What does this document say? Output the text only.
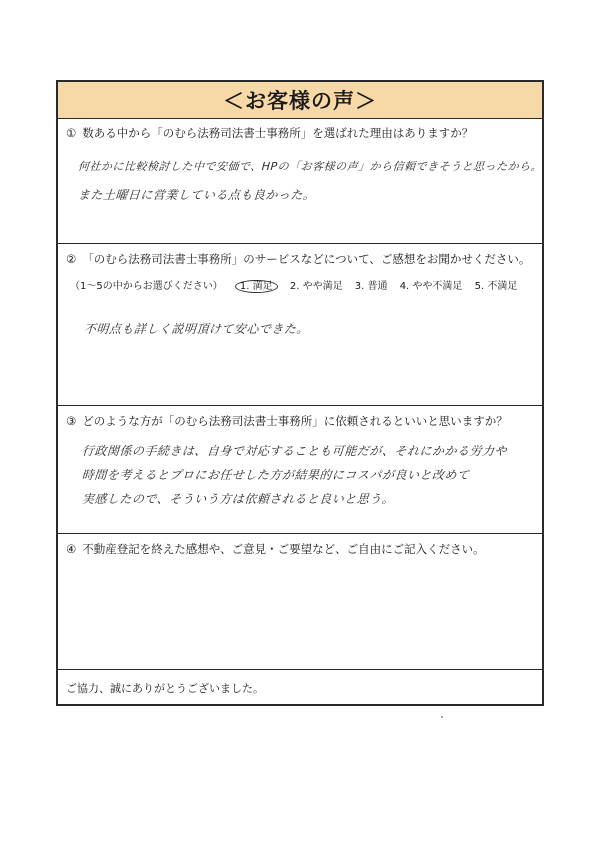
＜お客様の声＞
① 数ある中から「のむら法務司法書士事務所」を選ばれた理由はありますか？
何社かに比較検討した中で安価で、HPの「お客様の声」から信頼できそうと思ったから。
また土曜日に営業している点も良かった。
② 「のむら法務司法書士事務所」のサービスなどについて、ご感想をお聞かせください。
（1～5の中からお選びください） 1. 満足 2. やや満足 3. 普通 4. やや不満足 5. 不満足
不明点も詳しく説明頂けて安心できた。
③ どのような方が「のむら法務司法書士事務所」に依頼されるといいと思いますか？
行政関係の手続きは、自身で対応することも可能だが、それにかかる労力や
時間を考えるとプロにお任せした方が結果的にコスパが良いと改めて
実感したので、そういう方は依頼されると良いと思う。
④ 不動産登記を終えた感想や、ご意見・ご要望など、ご自由にご記入ください。
ご協力、誠にありがとうございました。
